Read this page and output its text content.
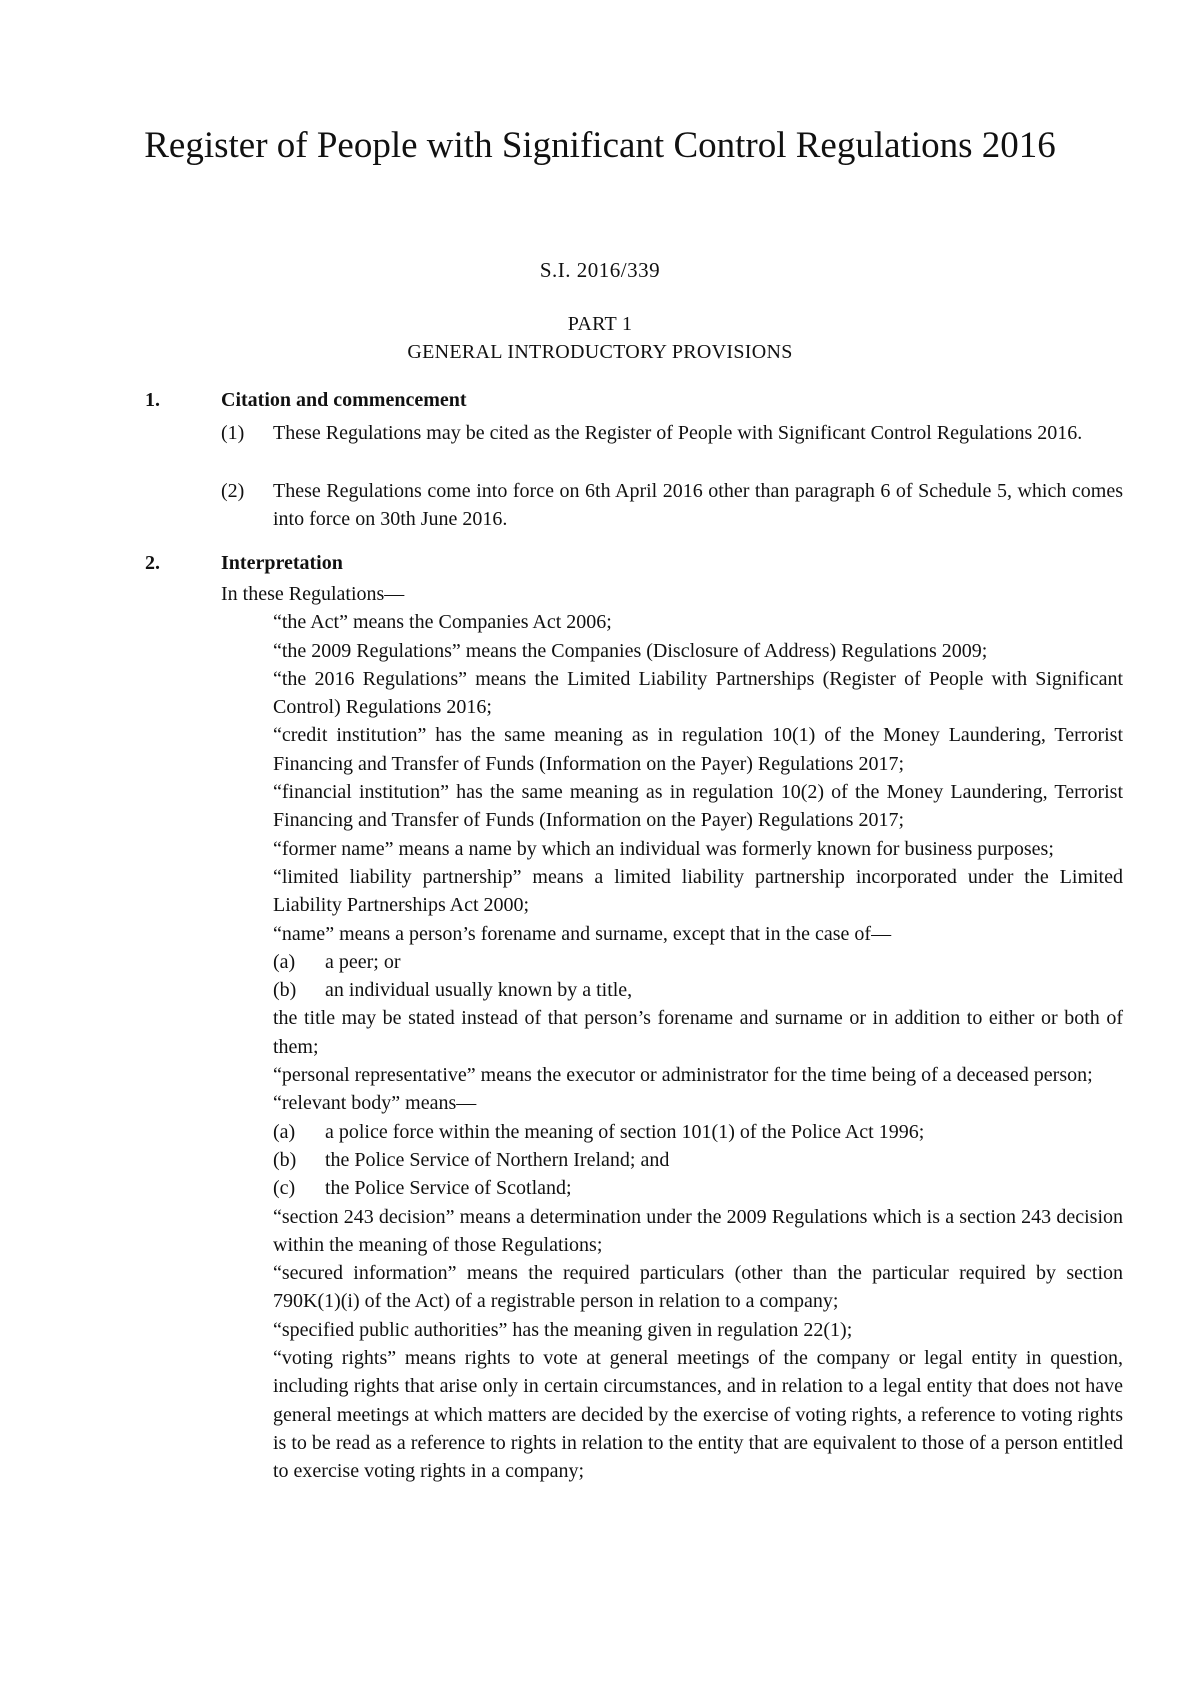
Register of People with Significant Control Regulations 2016
S.I. 2016/339
PART 1
GENERAL INTRODUCTORY PROVISIONS
1.	Citation and commencement
(1) These Regulations may be cited as the Register of People with Significant Control Regulations 2016.
(2) These Regulations come into force on 6th April 2016 other than paragraph 6 of Schedule 5, which comes into force on 30th June 2016.
2.	Interpretation
In these Regulations—
“the Act” means the Companies Act 2006;
“the 2009 Regulations” means the Companies (Disclosure of Address) Regulations 2009;
“the 2016 Regulations” means the Limited Liability Partnerships (Register of People with Significant Control) Regulations 2016;
“credit institution” has the same meaning as in regulation 10(1) of the Money Laundering, Terrorist Financing and Transfer of Funds (Information on the Payer) Regulations 2017;
“financial institution” has the same meaning as in regulation 10(2) of the Money Laundering, Terrorist Financing and Transfer of Funds (Information on the Payer) Regulations 2017;
“former name” means a name by which an individual was formerly known for business purposes;
“limited liability partnership” means a limited liability partnership incorporated under the Limited Liability Partnerships Act 2000;
“name” means a person’s forename and surname, except that in the case of—
(a) a peer; or
(b) an individual usually known by a title,
the title may be stated instead of that person’s forename and surname or in addition to either or both of them;
“personal representative” means the executor or administrator for the time being of a deceased person;
“relevant body” means—
(a) a police force within the meaning of section 101(1) of the Police Act 1996;
(b) the Police Service of Northern Ireland; and
(c) the Police Service of Scotland;
“section 243 decision” means a determination under the 2009 Regulations which is a section 243 decision within the meaning of those Regulations;
“secured information” means the required particulars (other than the particular required by section 790K(1)(i) of the Act) of a registrable person in relation to a company;
“specified public authorities” has the meaning given in regulation 22(1);
“voting rights” means rights to vote at general meetings of the company or legal entity in question, including rights that arise only in certain circumstances, and in relation to a legal entity that does not have general meetings at which matters are decided by the exercise of voting rights, a reference to voting rights is to be read as a reference to rights in relation to the entity that are equivalent to those of a person entitled to exercise voting rights in a company;
